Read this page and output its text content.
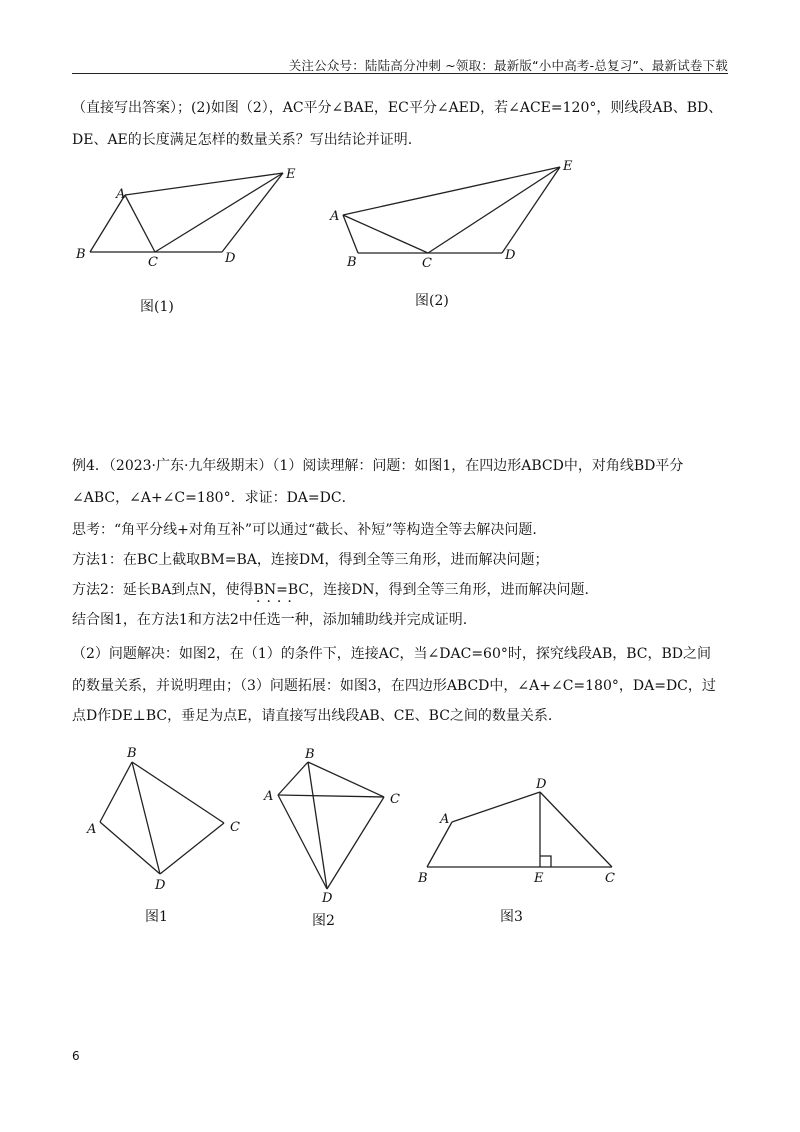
关注公众号：陆陆高分冲刺 ~领取：最新版“小中高考-总复习”、最新试卷下载
（直接写出答案）；(2)如图（2），AC平分∠BAE，EC平分∠AED，若∠ACE=120°，则线段AB、BD、
DE、AE的长度满足怎样的数量关系？写出结论并证明.
A
B
C	D
E
图(1)
A
B	C
D
E
图(2)
例4．（2023·广东·九年级期末）（1）阅读理解：问题：如图1，在四边形ABCD中，对角线BD平分
∠ABC，∠A+∠C=180°．求证：DA=DC．
思考：“角平分线+对角互补”可以通过“截长、补短”等构造全等去解决问题.
方法1：在BC上截取BM=BA，连接DM，得到全等三角形，进而解决问题；
方法2：延长BA到点N，使得BN=BC，连接DN，得到全等三角形，进而解决问题.
····
结合图1，在方法1和方法2中任选一种，添加辅助线并完成证明.
（2）问题解决：如图2，在（1）的条件下，连接AC，当∠DAC=60°时，探究线段AB，BC，BD之间
的数量关系，并说明理由；（3）问题拓展：如图3，在四边形ABCD中，∠A+∠C=180°，DA=DC，过
点D作DE⊥BC，垂足为点E，请直接写出线段AB、CE、BC之间的数量关系.
B
A	C
D
图1
B
A	C
D
图2
A
B	C
D
E
图3
6
